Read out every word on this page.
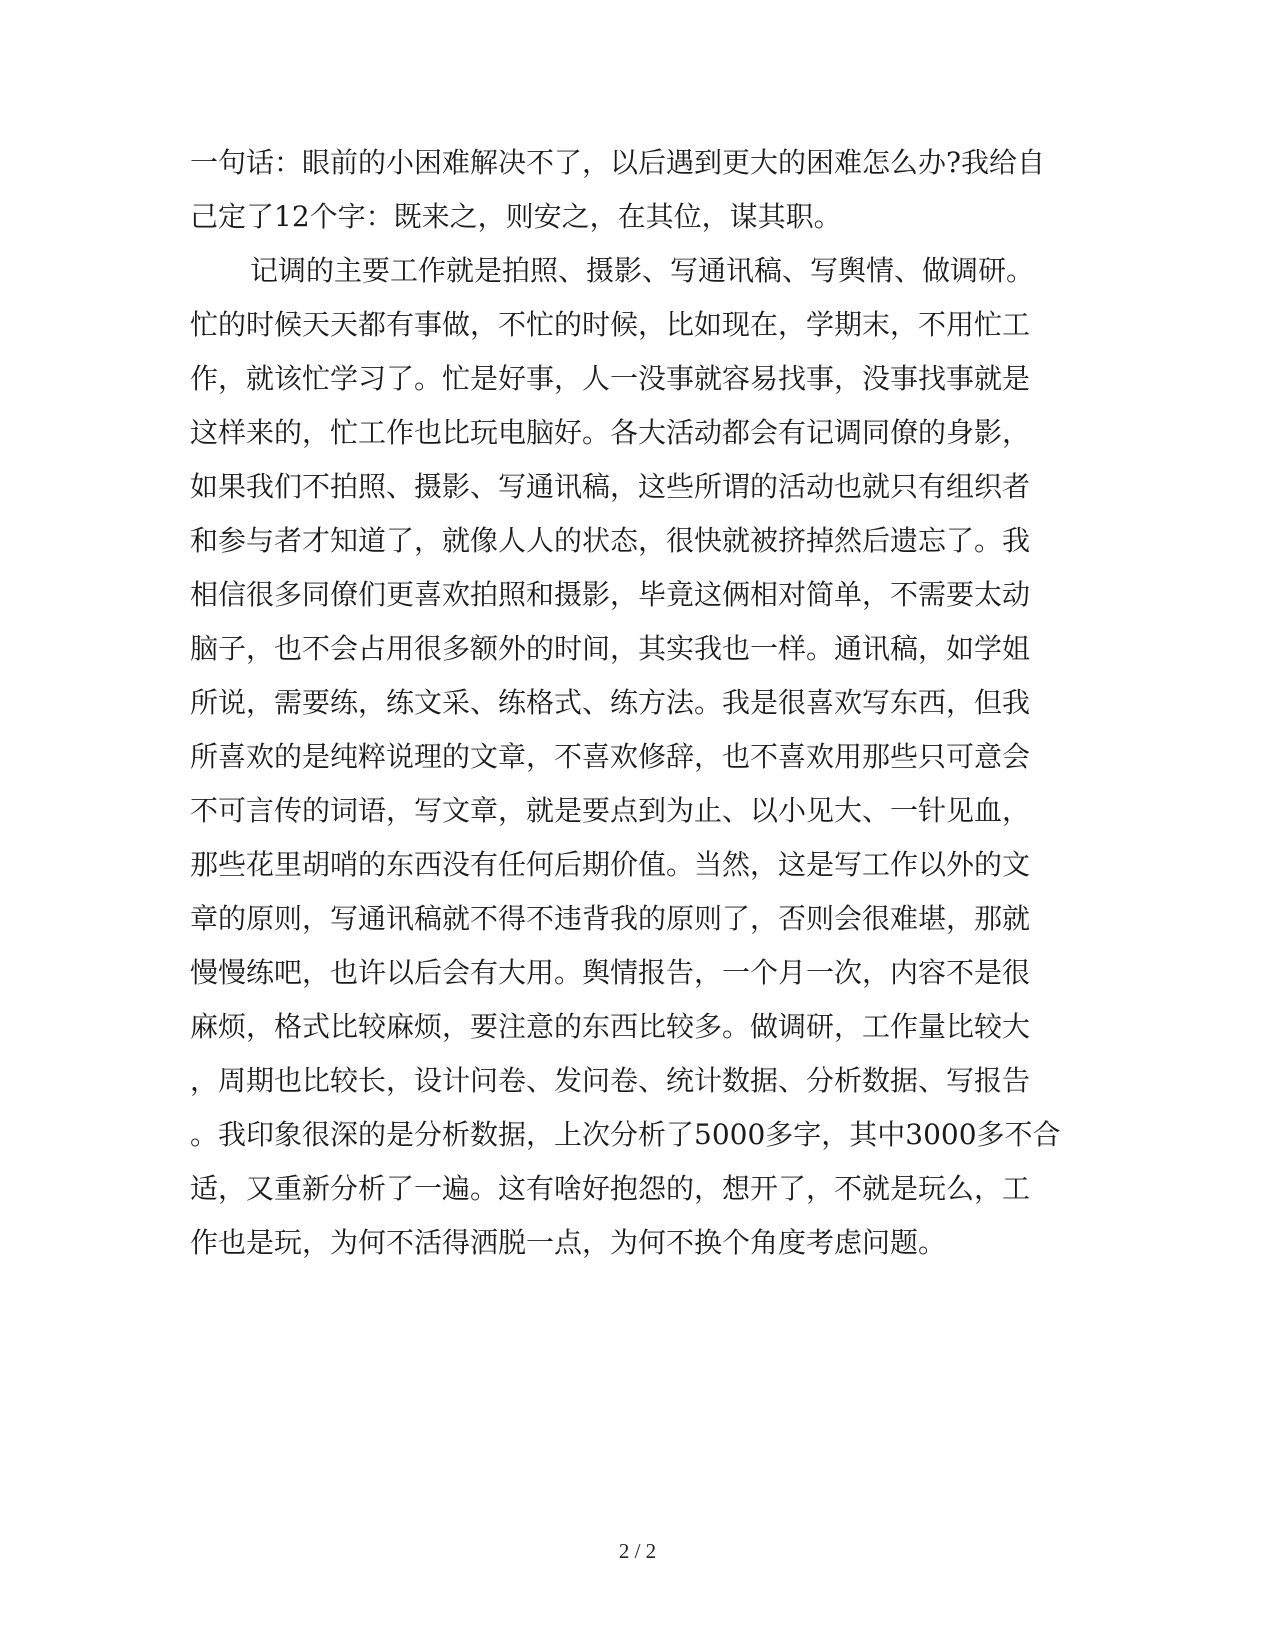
一句话：眼前的小困难解决不了，以后遇到更大的困难怎么办?我给自
己定了12个字：既来之，则安之，在其位，谋其职。
记调的主要工作就是拍照、摄影、写通讯稿、写舆情、做调研。
忙的时候天天都有事做，不忙的时候，比如现在，学期末，不用忙工
作，就该忙学习了。忙是好事，人一没事就容易找事，没事找事就是
这样来的，忙工作也比玩电脑好。各大活动都会有记调同僚的身影，
如果我们不拍照、摄影、写通讯稿，这些所谓的活动也就只有组织者
和参与者才知道了，就像人人的状态，很快就被挤掉然后遗忘了。我
相信很多同僚们更喜欢拍照和摄影，毕竟这俩相对简单，不需要太动
脑子，也不会占用很多额外的时间，其实我也一样。通讯稿，如学姐
所说，需要练，练文采、练格式、练方法。我是很喜欢写东西，但我
所喜欢的是纯粹说理的文章，不喜欢修辞，也不喜欢用那些只可意会
不可言传的词语，写文章，就是要点到为止、以小见大、一针见血，
那些花里胡哨的东西没有任何后期价值。当然，这是写工作以外的文
章的原则，写通讯稿就不得不违背我的原则了，否则会很难堪，那就
慢慢练吧，也许以后会有大用。舆情报告，一个月一次，内容不是很
麻烦，格式比较麻烦，要注意的东西比较多。做调研，工作量比较大
，周期也比较长，设计问卷、发问卷、统计数据、分析数据、写报告
。我印象很深的是分析数据，上次分析了5000多字，其中3000多不合
适，又重新分析了一遍。这有啥好抱怨的，想开了，不就是玩么，工
作也是玩，为何不活得洒脱一点，为何不换个角度考虑问题。
2 / 2
